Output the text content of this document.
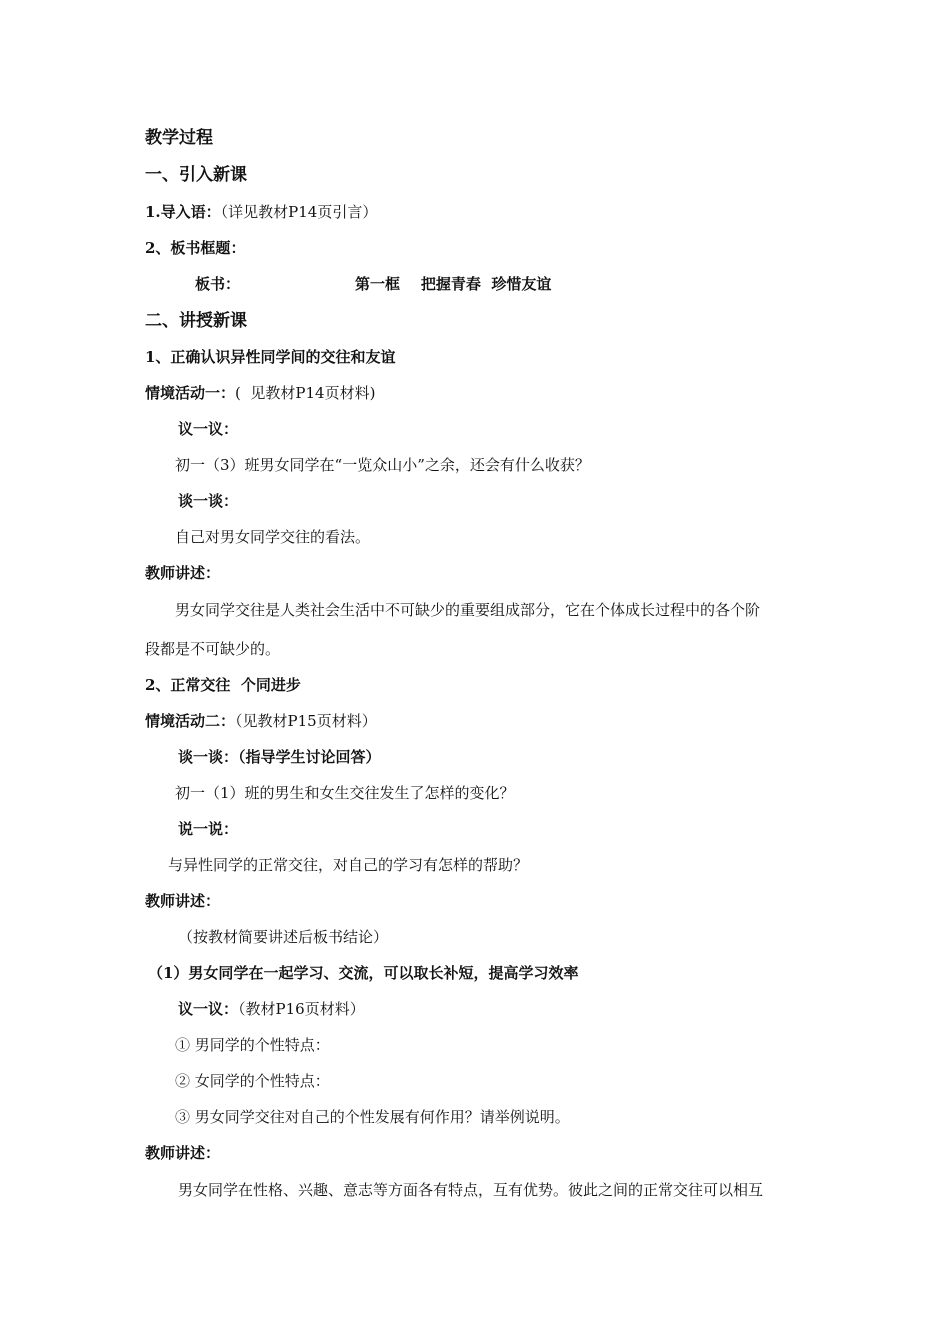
教学过程
一、引入新课
1.导入语：（详见教材P14页引言）
2、板书框题：
板书：	第一框    把握青春  珍惜友谊
二、讲授新课
1、正确认识异性同学间的交往和友谊
情境活动一：(  见教材P14页材料)
议一议：
初一（3）班男女同学在“一览众山小”之余，还会有什么收获？
谈一谈：
自己对男女同学交往的看法。
教师讲述：
男女同学交往是人类社会生活中不可缺少的重要组成部分，它在个体成长过程中的各个阶
段都是不可缺少的。
2、正常交往  个同进步
情境活动二：（见教材P15页材料）
谈一谈：（指导学生讨论回答）
初一（1）班的男生和女生交往发生了怎样的变化？
说一说：
与异性同学的正常交往，对自己的学习有怎样的帮助？
教师讲述：
（按教材简要讲述后板书结论）
（1）男女同学在一起学习、交流，可以取长补短，提高学习效率
议一议：（教材P16页材料）
① 男同学的个性特点：
② 女同学的个性特点：
③ 男女同学交往对自己的个性发展有何作用？请举例说明。
教师讲述：
男女同学在性格、兴趣、意志等方面各有特点，互有优势。彼此之间的正常交往可以相互
